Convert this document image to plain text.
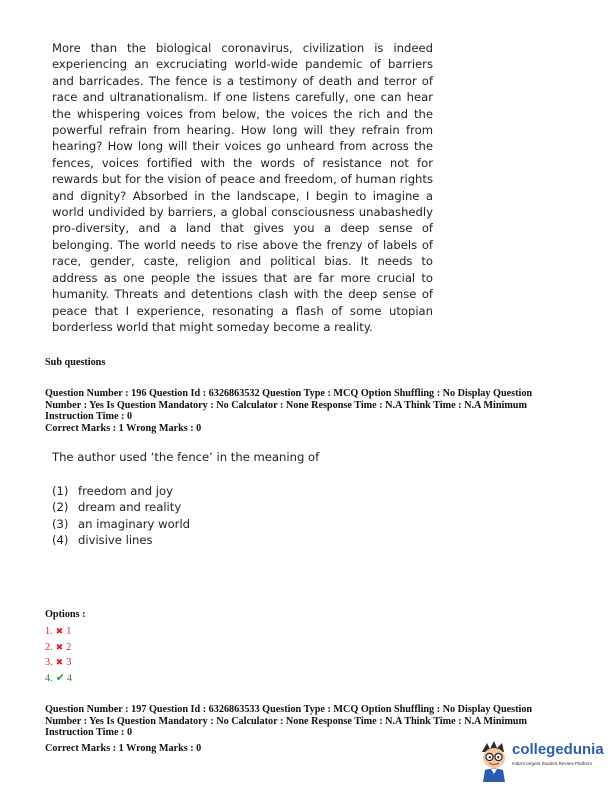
More than the biological coronavirus, civilization is indeed experiencing an excruciating world-wide pandemic of barriers and barricades. The fence is a testimony of death and terror of race and ultranationalism. If one listens carefully, one can hear the whispering voices from below, the voices the rich and the powerful refrain from hearing. How long will they refrain from hearing? How long will their voices go unheard from across the fences, voices fortified with the words of resistance not for rewards but for the vision of peace and freedom, of human rights and dignity? Absorbed in the landscape, I begin to imagine a world undivided by barriers, a global consciousness unabashedly pro-diversity, and a land that gives you a deep sense of belonging. The world needs to rise above the frenzy of labels of race, gender, caste, religion and political bias. It needs to address as one people the issues that are far more crucial to humanity. Threats and detentions clash with the deep sense of peace that I experience, resonating a flash of some utopian borderless world that might someday become a reality.
Sub questions
Question Number : 196 Question Id : 6326863532 Question Type : MCQ Option Shuffling : No Display Question
Number : Yes Is Question Mandatory : No Calculator : None Response Time : N.A Think Time : N.A Minimum
Instruction Time : 0
Correct Marks : 1 Wrong Marks : 0
The author used ‘the fence’ in the meaning of
(1) freedom and joy
(2) dream and reality
(3) an imaginary world
(4) divisive lines
Options :
1. ✖ 1
2. ✖ 2
3. ✖ 3
4. ✔ 4
Question Number : 197 Question Id : 6326863533 Question Type : MCQ Option Shuffling : No Display Question
Number : Yes Is Question Mandatory : No Calculator : None Response Time : N.A Think Time : N.A Minimum
Instruction Time : 0
Correct Marks : 1 Wrong Marks : 0	collegedunia
India's largest Student Review Platform
